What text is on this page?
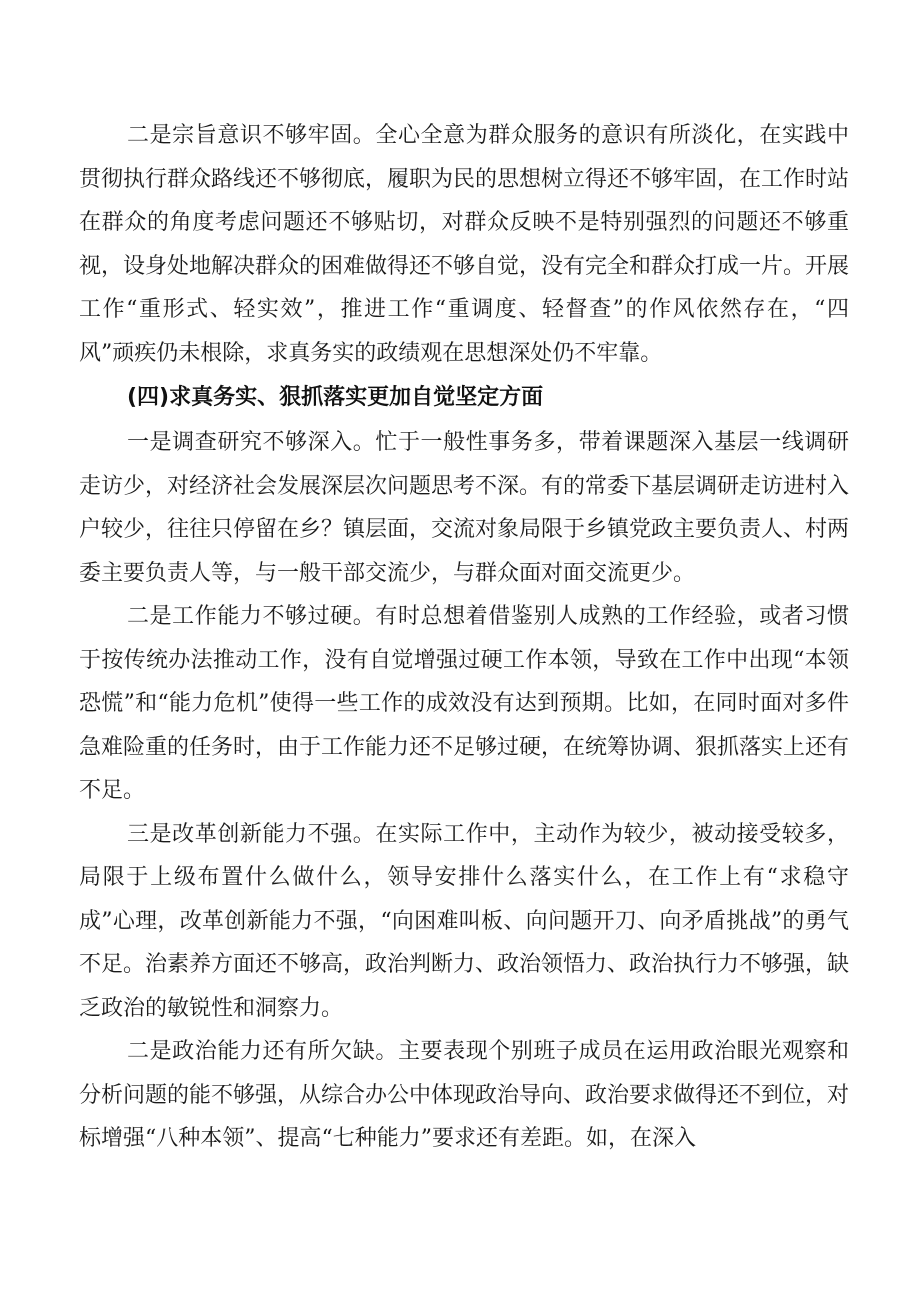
二是宗旨意识不够牢固。全心全意为群众服务的意识有所淡化，在实践中贯彻执行群众路线还不够彻底，履职为民的思想树立得还不够牢固，在工作时站在群众的角度考虑问题还不够贴切，对群众反映不是特别强烈的问题还不够重视，设身处地解决群众的困难做得还不够自觉，没有完全和群众打成一片。开展工作“重形式、轻实效”，推进工作“重调度、轻督查”的作风依然存在，“四风”顽疾仍未根除，求真务实的政绩观在思想深处仍不牢靠。

(四)求真务实、狠抓落实更加自觉坚定方面

一是调查研究不够深入。忙于一般性事务多，带着课题深入基层一线调研走访少，对经济社会发展深层次问题思考不深。有的常委下基层调研走访进村入户较少，往往只停留在乡？镇层面，交流对象局限于乡镇党政主要负责人、村两委主要负责人等，与一般干部交流少，与群众面对面交流更少。

二是工作能力不够过硬。有时总想着借鉴别人成熟的工作经验，或者习惯于按传统办法推动工作，没有自觉增强过硬工作本领，导致在工作中出现“本领恐慌”和“能力危机”使得一些工作的成效没有达到预期。比如，在同时面对多件急难险重的任务时，由于工作能力还不足够过硬，在统筹协调、狠抓落实上还有不足。

三是改革创新能力不强。在实际工作中，主动作为较少，被动接受较多，局限于上级布置什么做什么，领导安排什么落实什么，在工作上有“求稳守成”心理，改革创新能力不强，“向困难叫板、向问题开刀、向矛盾挑战”的勇气不足。治素养方面还不够高，政治判断力、政治领悟力、政治执行力不够强，缺乏政治的敏锐性和洞察力。

二是政治能力还有所欠缺。主要表现个别班子成员在运用政治眼光观察和分析问题的能不够强，从综合办公中体现政治导向、政治要求做得还不到位，对标增强“八种本领”、提高“七种能力”要求还有差距。如，在深入
